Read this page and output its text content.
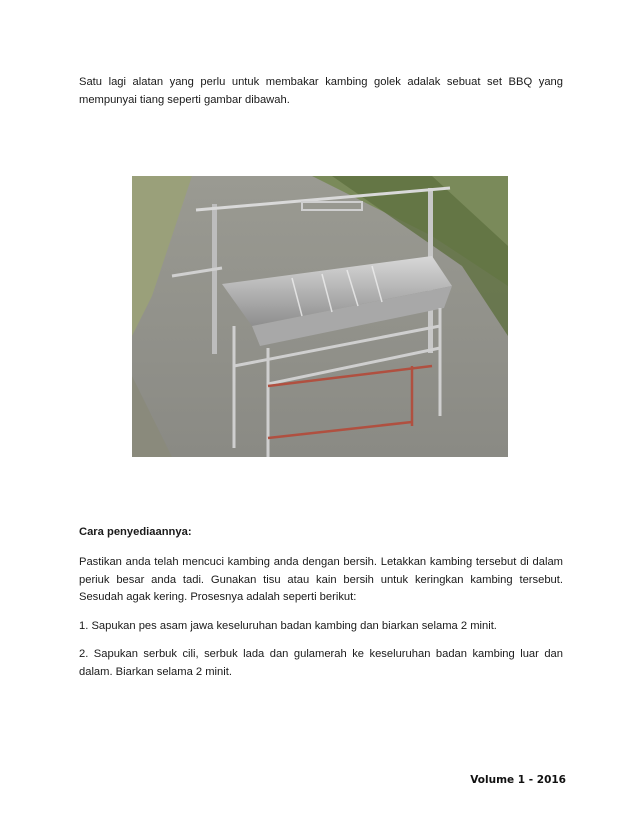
Satu lagi alatan yang perlu untuk membakar kambing golek adalak sebuat set BBQ yang mempunyai tiang seperti gambar dibawah.

Cara penyediaannya:

Pastikan anda telah mencuci kambing anda dengan bersih. Letakkan kambing tersebut di dalam periuk besar anda tadi. Gunakan tisu atau kain bersih untuk keringkan kambing tersebut. Sesudah agak kering. Prosesnya adalah seperti berikut:

1. Sapukan pes asam jawa keseluruhan badan kambing dan biarkan selama 2 minit.

2. Sapukan serbuk cili, serbuk lada dan gulamerah ke keseluruhan badan kambing luar dan dalam. Biarkan selama 2 minit.

Volume 1 - 2016
